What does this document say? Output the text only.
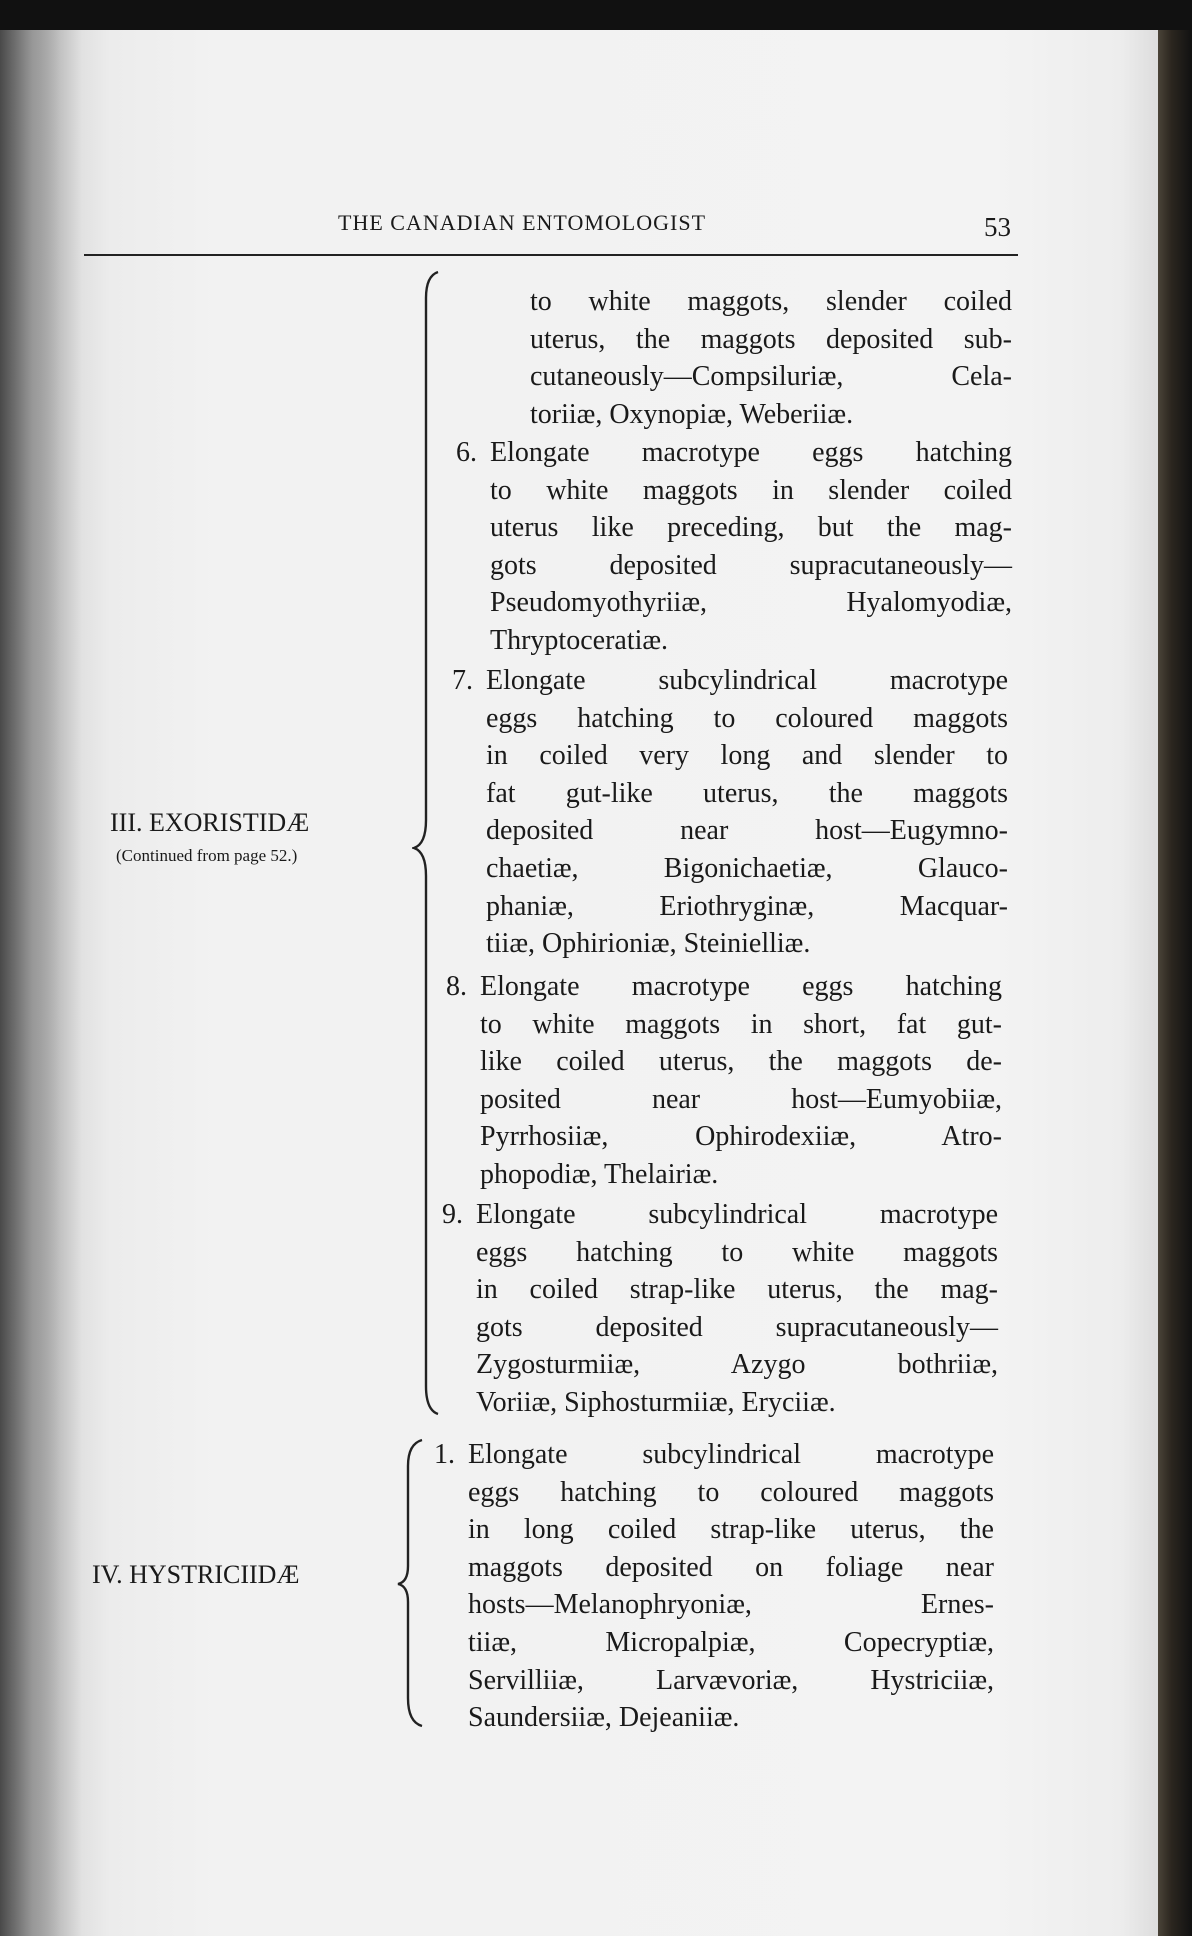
THE CANADIAN ENTOMOLOGIST	53
III. EXORISTIDÆ
(Continued from page 52.)
to white maggots, slender coiled
uterus, the maggots deposited sub-
cutaneously—Compsiluriæ, Cela-
toriiæ, Oxynopiæ, Weberiiæ.
6. Elongate macrotype eggs hatching
to white maggots in slender coiled
uterus like preceding, but the mag-
gots deposited supracutaneously—
Pseudomyothyriiæ, Hyalomyodiæ,
Thryptoceratiæ.
7. Elongate subcylindrical macrotype
eggs hatching to coloured maggots
in coiled very long and slender to
fat gut-like uterus, the maggots
deposited near host—Eugymno-
chaetiæ, Bigonichaetiæ, Glauco-
phaniæ, Eriothryginæ, Macquar-
tiiæ, Ophirioniæ, Steinielliæ.
8. Elongate macrotype eggs hatching
to white maggots in short, fat gut-
like coiled uterus, the maggots de-
posited near host—Eumyobiiæ,
Pyrrhosiiæ, Ophirodexiiæ, Atro-
phopodiæ, Thelairiæ.
9. Elongate subcylindrical macrotype
eggs hatching to white maggots
in coiled strap-like uterus, the mag-
gots deposited supracutaneously—
Zygosturmiiæ, Azygo bothriiæ,
Voriiæ, Siphosturmiiæ, Eryciiæ.
IV. HYSTRICIIDÆ
1. Elongate subcylindrical macrotype
eggs hatching to coloured maggots
in long coiled strap-like uterus, the
maggots deposited on foliage near
hosts—Melanophryoniæ, Ernes-
tiiæ, Micropalpiæ, Copecryptiæ,
Servilliiæ, Larvævoriæ, Hystriciiæ,
Saundersiiæ, Dejeaniiæ.
